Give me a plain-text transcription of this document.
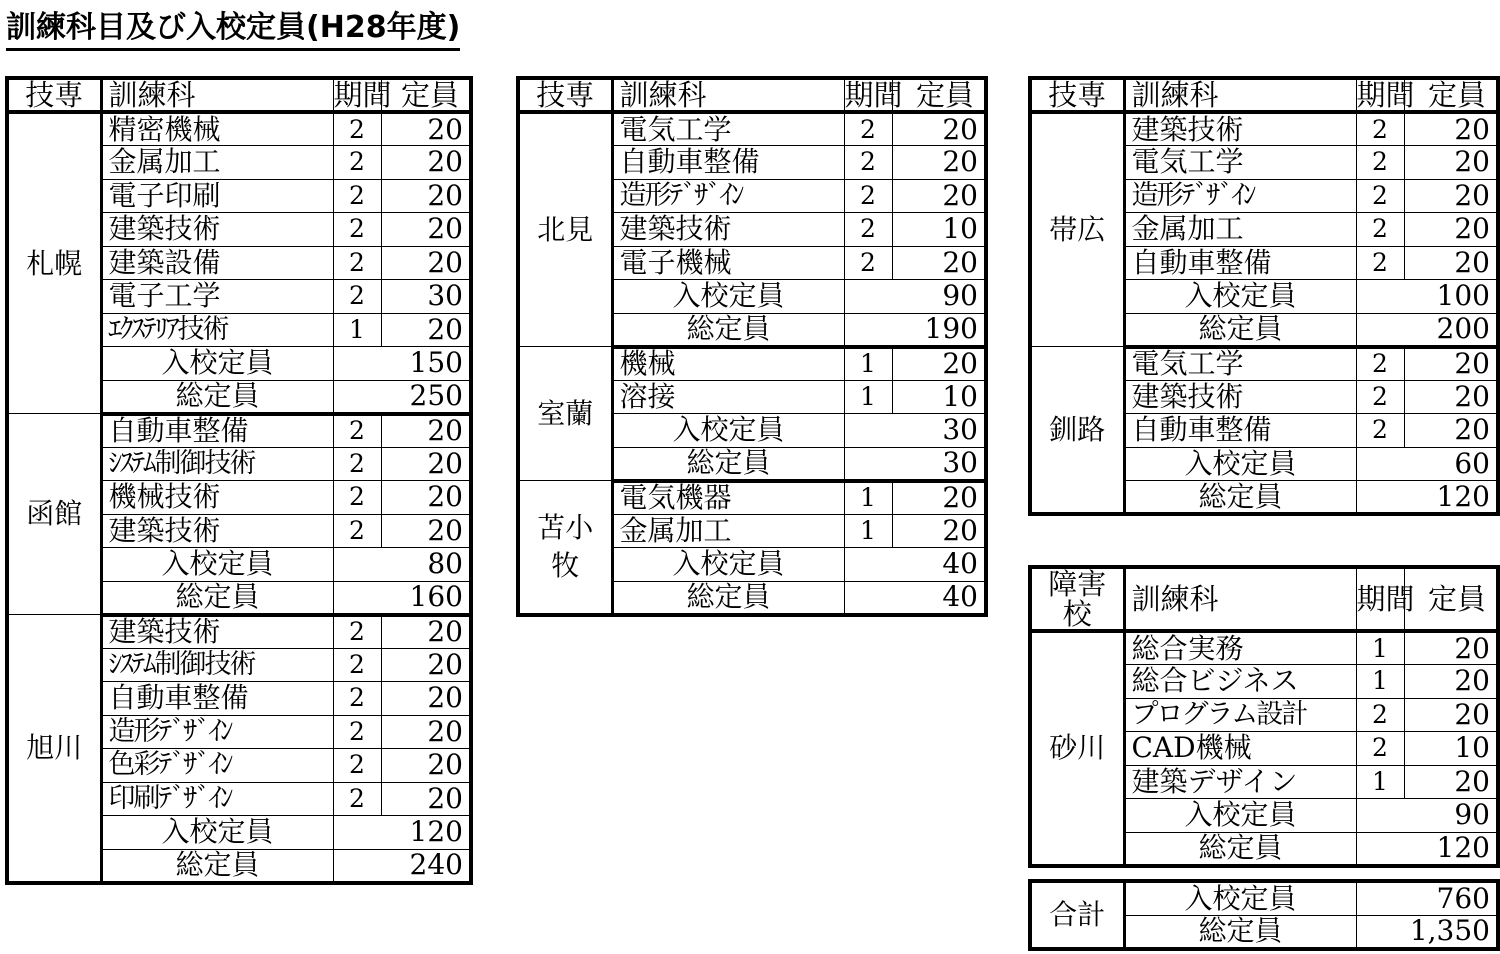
訓練科目及び入校定員(H28年度)
技専	訓練科	期間	定員
札幌	精密機械	2	20
	金属加工	2	20
	電子印刷	2	20
	建築技術	2	20
	建築設備	2	20
	電子工学	2	30
	ｴｸｽﾃﾘｱ技術	1	20
	入校定員	150	
	総定員	250	
函館	自動車整備	2	20
	ｼｽﾃﾑ制御技術	2	20
	機械技術	2	20
	建築技術	2	20
	入校定員	80	
	総定員	160	
旭川	建築技術	2	20
	ｼｽﾃﾑ制御技術	2	20
	自動車整備	2	20
	造形ﾃﾞｻﾞｲﾝ	2	20
	色彩ﾃﾞｻﾞｲﾝ	2	20
	印刷ﾃﾞｻﾞｲﾝ	2	20
	入校定員	120	
	総定員	240	
技専	訓練科	期間	定員
北見	電気工学	2	20
	自動車整備	2	20
	造形ﾃﾞｻﾞｲﾝ	2	20
	建築技術	2	10
	電子機械	2	20
	入校定員	90	
	総定員	190	
室蘭	機械	1	20
	溶接	1	10
	入校定員	30	
	総定員	30	
苫小牧	電気機器	1	20
	金属加工	1	20
	入校定員	40	
	総定員	40	
技専	訓練科	期間	定員
帯広	建築技術	2	20
	電気工学	2	20
	造形ﾃﾞｻﾞｲﾝ	2	20
	金属加工	2	20
	自動車整備	2	20
	入校定員	100	
	総定員	200	
釧路	電気工学	2	20
	建築技術	2	20
	自動車整備	2	20
	入校定員	60	
	総定員	120	
障害校	訓練科	期間	定員
砂川	総合実務	1	20
	総合ビジネス	1	20
	プログラム設計	2	20
	CAD機械	2	10
	建築デザイン	1	20
	入校定員	90	
	総定員	120	
合計	入校定員	760
	総定員	1,350
